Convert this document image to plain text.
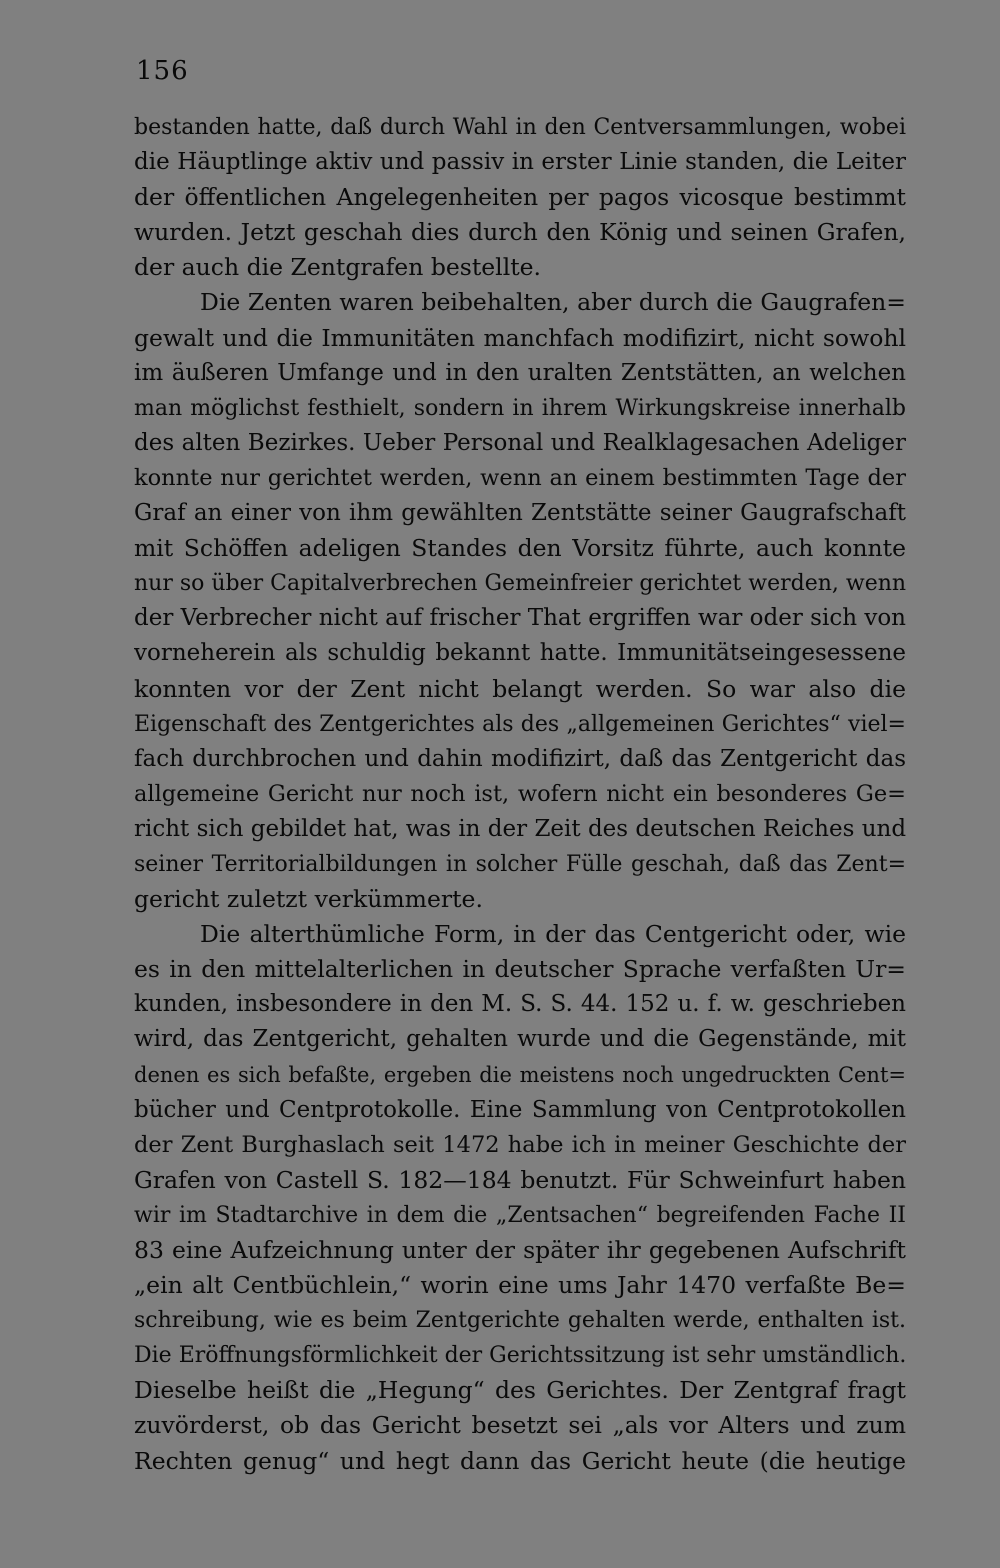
156
bestanden hatte, daß durch Wahl in den Centversammlungen, wobei
die Häuptlinge aktiv und passiv in erster Linie standen, die Leiter
der öffentlichen Angelegenheiten per pagos vicosque bestimmt
wurden. Jetzt geschah dies durch den König und seinen Grafen,
der auch die Zentgrafen bestellte.
Die Zenten waren beibehalten, aber durch die Gaugrafen=
gewalt und die Immunitäten manchfach modifizirt, nicht sowohl
im äußeren Umfange und in den uralten Zentstätten, an welchen
man möglichst festhielt, sondern in ihrem Wirkungskreise innerhalb
des alten Bezirkes. Ueber Personal und Realklagesachen Adeliger
konnte nur gerichtet werden, wenn an einem bestimmten Tage der
Graf an einer von ihm gewählten Zentstätte seiner Gaugrafschaft
mit Schöffen adeligen Standes den Vorsitz führte, auch konnte
nur so über Capitalverbrechen Gemeinfreier gerichtet werden, wenn
der Verbrecher nicht auf frischer That ergriffen war oder sich von
vorneherein als schuldig bekannt hatte. Immunitätseingesessene
konnten vor der Zent nicht belangt werden. So war also die
Eigenschaft des Zentgerichtes als des „allgemeinen Gerichtes“ viel=
fach durchbrochen und dahin modifizirt, daß das Zentgericht das
allgemeine Gericht nur noch ist, wofern nicht ein besonderes Ge=
richt sich gebildet hat, was in der Zeit des deutschen Reiches und
seiner Territorialbildungen in solcher Fülle geschah, daß das Zent=
gericht zuletzt verkümmerte.
Die alterthümliche Form, in der das Centgericht oder, wie
es in den mittelalterlichen in deutscher Sprache verfaßten Ur=
kunden, insbesondere in den M. S. S. 44. 152 u. f. w. geschrieben
wird, das Zentgericht, gehalten wurde und die Gegenstände, mit
denen es sich befaßte, ergeben die meistens noch ungedruckten Cent=
bücher und Centprotokolle. Eine Sammlung von Centprotokollen
der Zent Burghaslach seit 1472 habe ich in meiner Geschichte der
Grafen von Castell S. 182—184 benutzt. Für Schweinfurt haben
wir im Stadtarchive in dem die „Zentsachen“ begreifenden Fache II
83 eine Aufzeichnung unter der später ihr gegebenen Aufschrift
„ein alt Centbüchlein,“ worin eine ums Jahr 1470 verfaßte Be=
schreibung, wie es beim Zentgerichte gehalten werde, enthalten ist.
Die Eröffnungsförmlichkeit der Gerichtssitzung ist sehr umständlich.
Dieselbe heißt die „Hegung“ des Gerichtes. Der Zentgraf fragt
zuvörderst, ob das Gericht besetzt sei „als vor Alters und zum
Rechten genug“ und hegt dann das Gericht heute (die heutige
